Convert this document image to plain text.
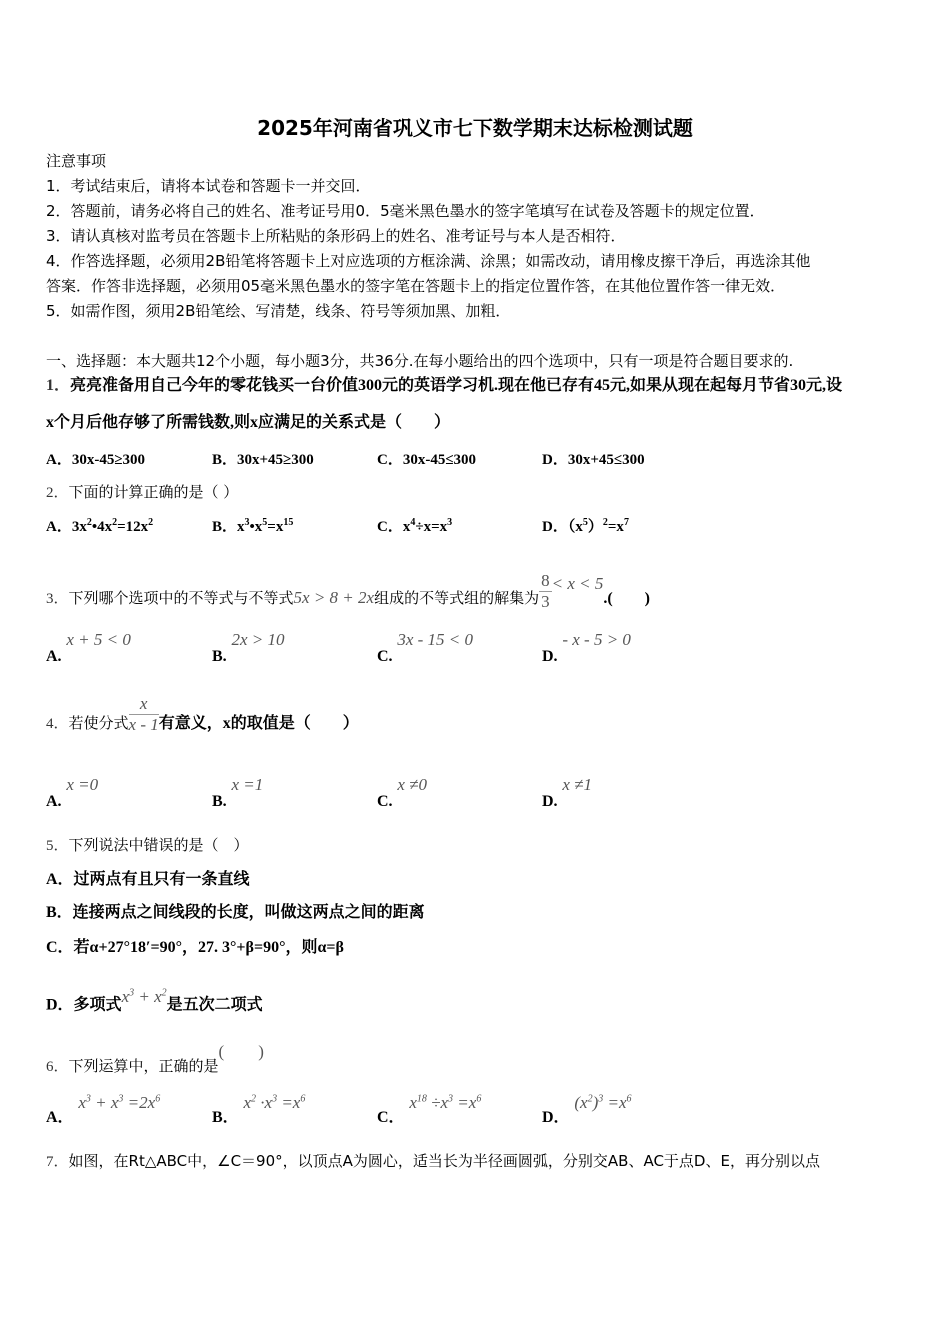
2025年河南省巩义市七下数学期末达标检测试题
注意事项
1．考试结束后，请将本试卷和答题卡一并交回．
2．答题前，请务必将自己的姓名、准考证号用0．5毫米黑色墨水的签字笔填写在试卷及答题卡的规定位置．
3．请认真核对监考员在答题卡上所粘贴的条形码上的姓名、准考证号与本人是否相符．
4．作答选择题，必须用2B铅笔将答题卡上对应选项的方框涂满、涂黑；如需改动，请用橡皮擦干净后，再选涂其他
答案．作答非选择题，必须用05毫米黑色墨水的签字笔在答题卡上的指定位置作答，在其他位置作答一律无效．
5．如需作图，须用2B铅笔绘、写清楚，线条、符号等须加黑、加粗．
一、选择题：本大题共12个小题，每小题3分，共36分.在每小题给出的四个选项中，只有一项是符合题目要求的.
1．亮亮准备用自己今年的零花钱买一台价值300元的英语学习机.现在他已存有45元,如果从现在起每月节省30元,设
x个月后他存够了所需钱数,则x应满足的关系式是（　　）
A．30x-45≥300	B．30x+45≥300	C．30x-45≤300	D．30x+45≤300
2．下面的计算正确的是（ ）
A．$3x^2•4x^2=12x^2$	B．$x^3•x^5=x^{15}$	C．$x^4\div x=x^3$	D．$(x^5)^2=x^7$
3．下列哪个选项中的不等式与不等式5x > 8 + 2x组成的不等式组的解集为 $\frac{8}{3} < x < 5$.(　　)
A. x + 5 < 0
B. 2x > 10
C. 3x - 15 < 0
D. - x - 5 > 0
4．若使分式 $\frac{x}{x - 1}$ 有意义，x的取值是（　　）
A. x =0
B. x =1
C. x ≠0
D. x ≠1
5．下列说法中错误的是（　）
A．过两点有且只有一条直线
B．连接两点之间线段的长度，叫做这两点之间的距离
C．若α+27°18′=90°，27. 3°+β=90°，则α=β
D．多项式$x^3 + x^2$是五次二项式
6．下列运算中，正确的是(　　)
A． $x^3 + x^3 =2x^6$
B． $x^2 \cdot x^3 =x^6$
C． $x^{18} \div x^3 =x^6$
D． $(x^2)^3 =x^6$
7．如图，在Rt△ABC中，∠C＝90°，以顶点A为圆心，适当长为半径画圆弧，分别交AB、AC于点D、E，再分别以点
